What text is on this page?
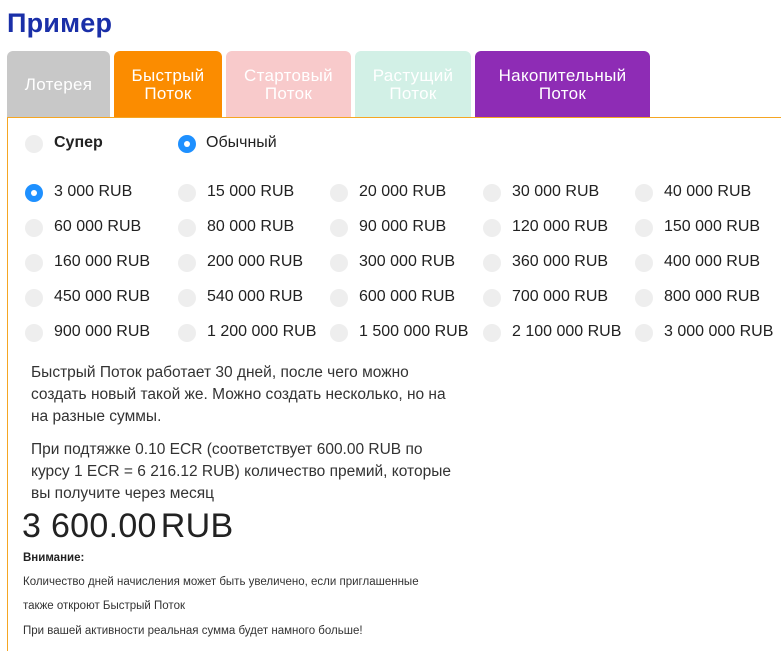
Пример
Лотерея Быстрый
Поток
Стартовый
Поток
Растущий
Поток
Накопительный
Поток
Супер	Обычный
3 000 RUB	15 000 RUB	20 000 RUB	30 000 RUB	40 000 RUB
60 000 RUB	80 000 RUB	90 000 RUB	120 000 RUB	150 000 RUB
160 000 RUB	200 000 RUB	300 000 RUB	360 000 RUB	400 000 RUB
450 000 RUB	540 000 RUB	600 000 RUB	700 000 RUB	800 000 RUB
900 000 RUB	1 200 000 RUB	1 500 000 RUB	2 100 000 RUB	3 000 000 RUB
Быстрый Поток работает 30 дней, после чего можно создать новый такой же. Можно создать несколько, но на на разные суммы.
При подтяжке 0.10 ECR (соответствует 600.00 RUB по курсу 1 ECR = 6 216.12 RUB) количество премий, которые вы получите через месяц
3 600.00 RUB
Внимание:
Количество дней начисления может быть увеличено, если приглашенные
также откроют Быстрый Поток
При вашей активности реальная сумма будет намного больше!
